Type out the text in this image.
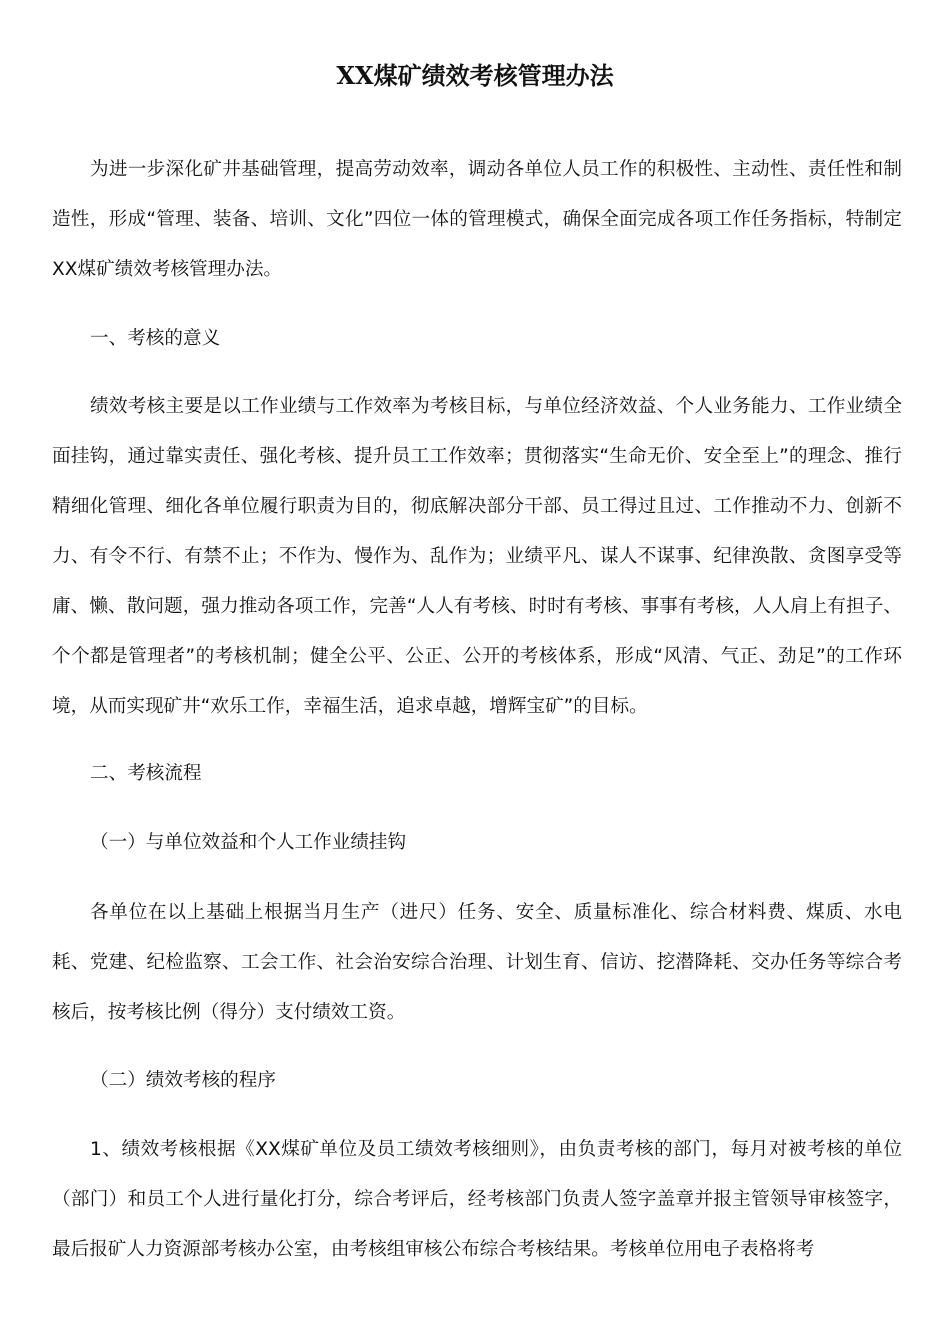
XX煤矿绩效考核管理办法

为进一步深化矿井基础管理，提高劳动效率，调动各单位人员工作的积极性、主动性、责任性和制造性，形成“管理、装备、培训、文化”四位一体的管理模式，确保全面完成各项工作任务指标，特制定XX煤矿绩效考核管理办法。

一、考核的意义

绩效考核主要是以工作业绩与工作效率为考核目标，与单位经济效益、个人业务能力、工作业绩全面挂钩，通过靠实责任、强化考核、提升员工工作效率；贯彻落实“生命无价、安全至上”的理念、推行精细化管理、细化各单位履行职责为目的，彻底解决部分干部、员工得过且过、工作推动不力、创新不力、有令不行、有禁不止；不作为、慢作为、乱作为；业绩平凡、谋人不谋事、纪律涣散、贪图享受等庸、懒、散问题，强力推动各项工作，完善“人人有考核、时时有考核、事事有考核，人人肩上有担子、个个都是管理者”的考核机制；健全公平、公正、公开的考核体系，形成“风清、气正、劲足”的工作环境，从而实现矿井“欢乐工作，幸福生活，追求卓越，增辉宝矿”的目标。

二、考核流程

（一）与单位效益和个人工作业绩挂钩

各单位在以上基础上根据当月生产（进尺）任务、安全、质量标准化、综合材料费、煤质、水电耗、党建、纪检监察、工会工作、社会治安综合治理、计划生育、信访、挖潜降耗、交办任务等综合考核后，按考核比例（得分）支付绩效工资。

（二）绩效考核的程序

1、绩效考核根据《XX煤矿单位及员工绩效考核细则》，由负责考核的部门，每月对被考核的单位（部门）和员工个人进行量化打分，综合考评后，经考核部门负责人签字盖章并报主管领导审核签字，最后报矿人力资源部考核办公室，由考核组审核公布综合考核结果。考核单位用电子表格将考
